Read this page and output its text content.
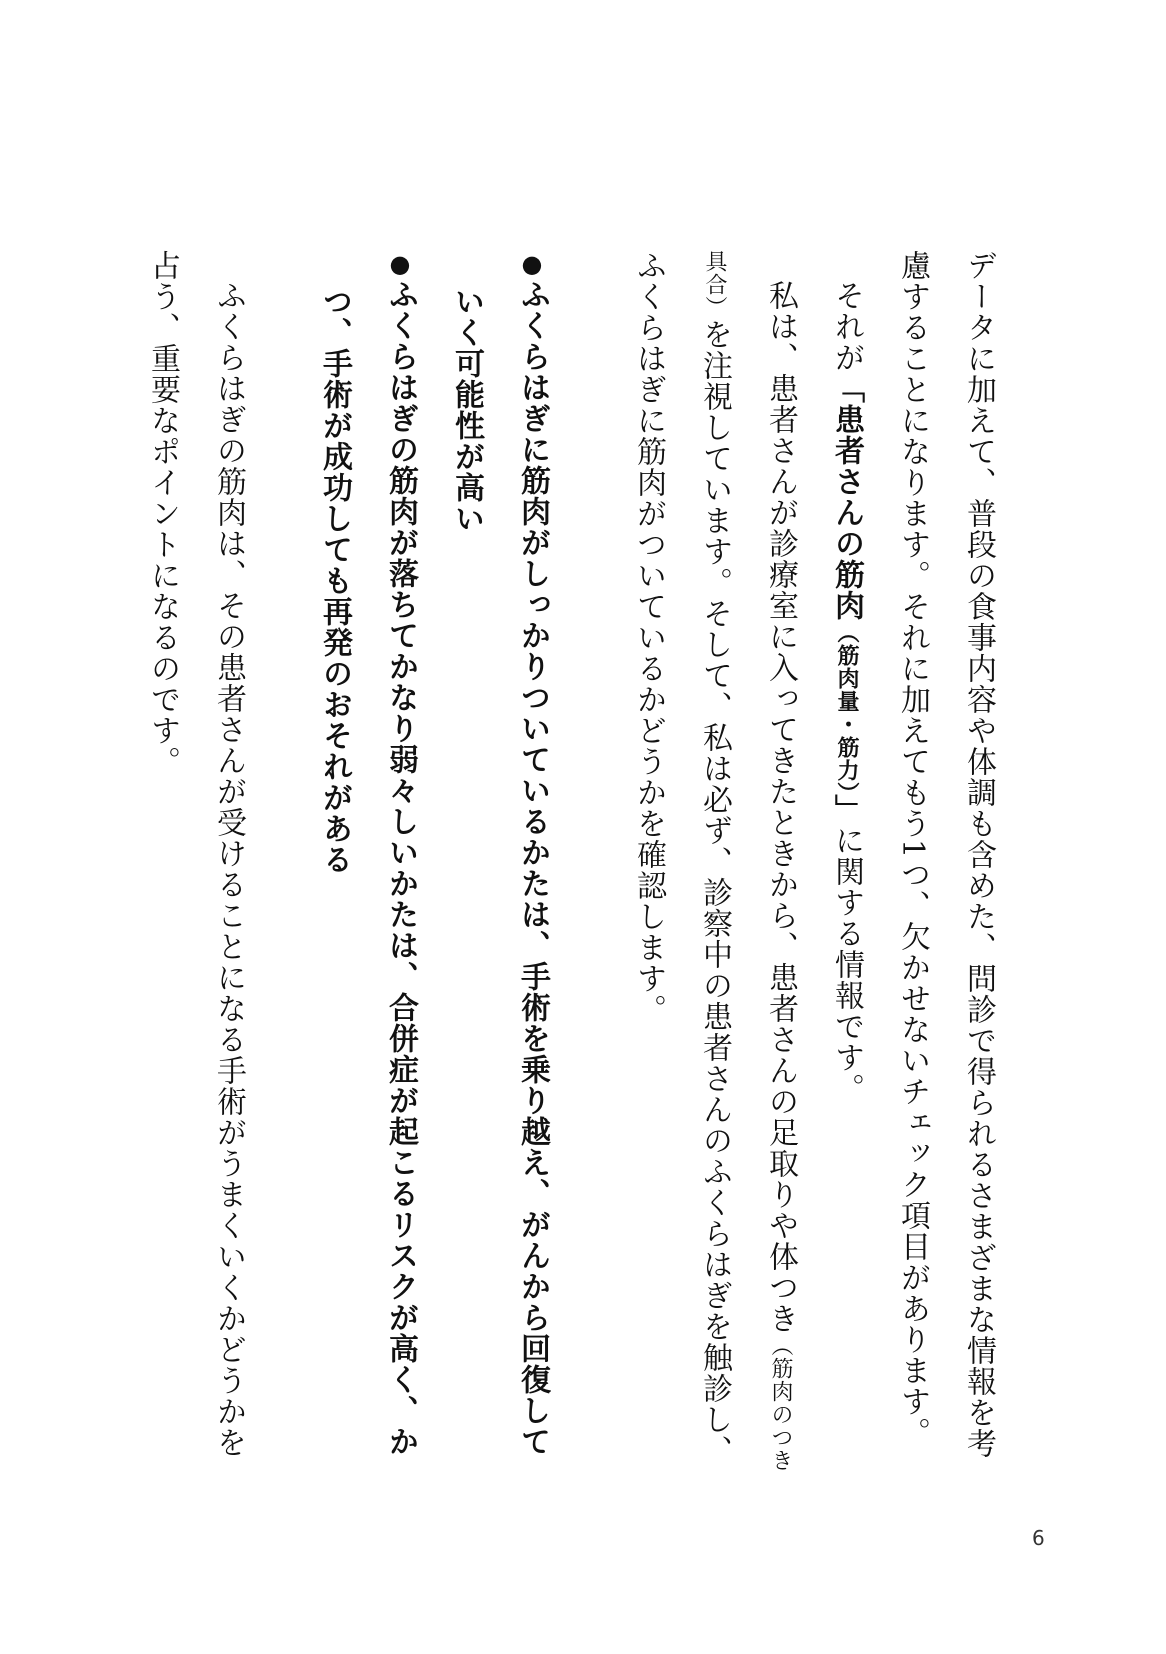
データに加えて、普段の食事内容や体調も含めた、問診で得られるさまざまな情報を考慮することになります。それに加えてもう1つ、欠かせないチェック項目があります。

それが「患者さんの筋肉（筋肉量・筋力）」に関する情報です。

私は、患者さんが診療室に入ってきたときから、患者さんの足取りや体つき（筋肉のつき具合）を注視しています。そして、私は必ず、診察中の患者さんのふくらはぎを触診し、ふくらはぎに筋肉がついているかどうかを確認します。

●ふくらはぎに筋肉がしっかりついているかたは、手術を乗り越え、がんから回復していく可能性が高い
●ふくらはぎの筋肉が落ちてかなり弱々しいかたは、合併症が起こるリスクが高く、かつ、手術が成功しても再発のおそれがある

ふくらはぎの筋肉は、その患者さんが受けることになる手術がうまくいくかどうかを占う、重要なポイントになるのです。

6
